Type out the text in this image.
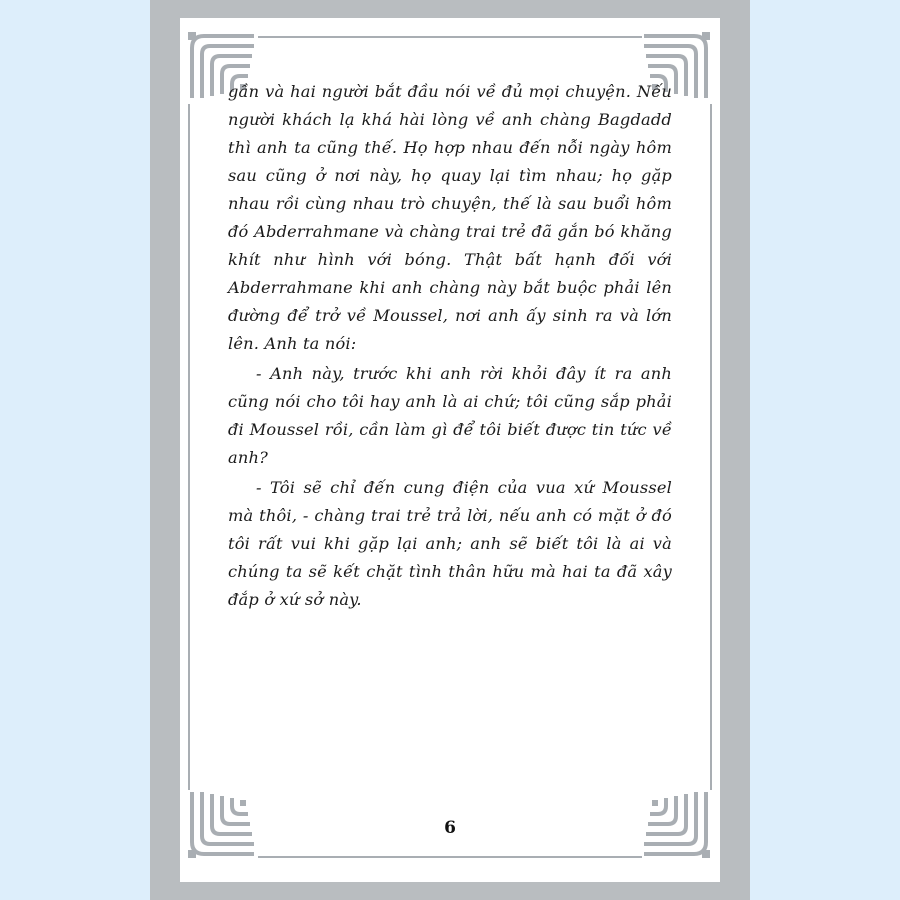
gần và hai người bắt đầu nói về đủ mọi chuyện. Nếu người khách lạ khá hài lòng về anh chàng Bagdadd thì anh ta cũng thế. Họ hợp nhau đến nỗi ngày hôm sau cũng ở nơi này, họ quay lại tìm nhau; họ gặp nhau rồi cùng nhau trò chuyện, thế là sau buổi hôm đó Abderrahmane và chàng trai trẻ đã gắn bó khăng khít như hình với bóng. Thật bất hạnh đối với Abderrahmane khi anh chàng này bắt buộc phải lên đường để trở về Moussel, nơi anh ấy sinh ra và lớn lên. Anh ta nói:

- Anh này, trước khi anh rời khỏi đây ít ra anh cũng nói cho tôi hay anh là ai chứ; tôi cũng sắp phải đi Moussel rồi, cần làm gì để tôi biết được tin tức về anh?

- Tôi sẽ chỉ đến cung điện của vua xứ Moussel mà thôi, - chàng trai trẻ trả lời, nếu anh có mặt ở đó tôi rất vui khi gặp lại anh; anh sẽ biết tôi là ai và chúng ta sẽ kết chặt tình thân hữu mà hai ta đã xây đắp ở xứ sở này.

6
